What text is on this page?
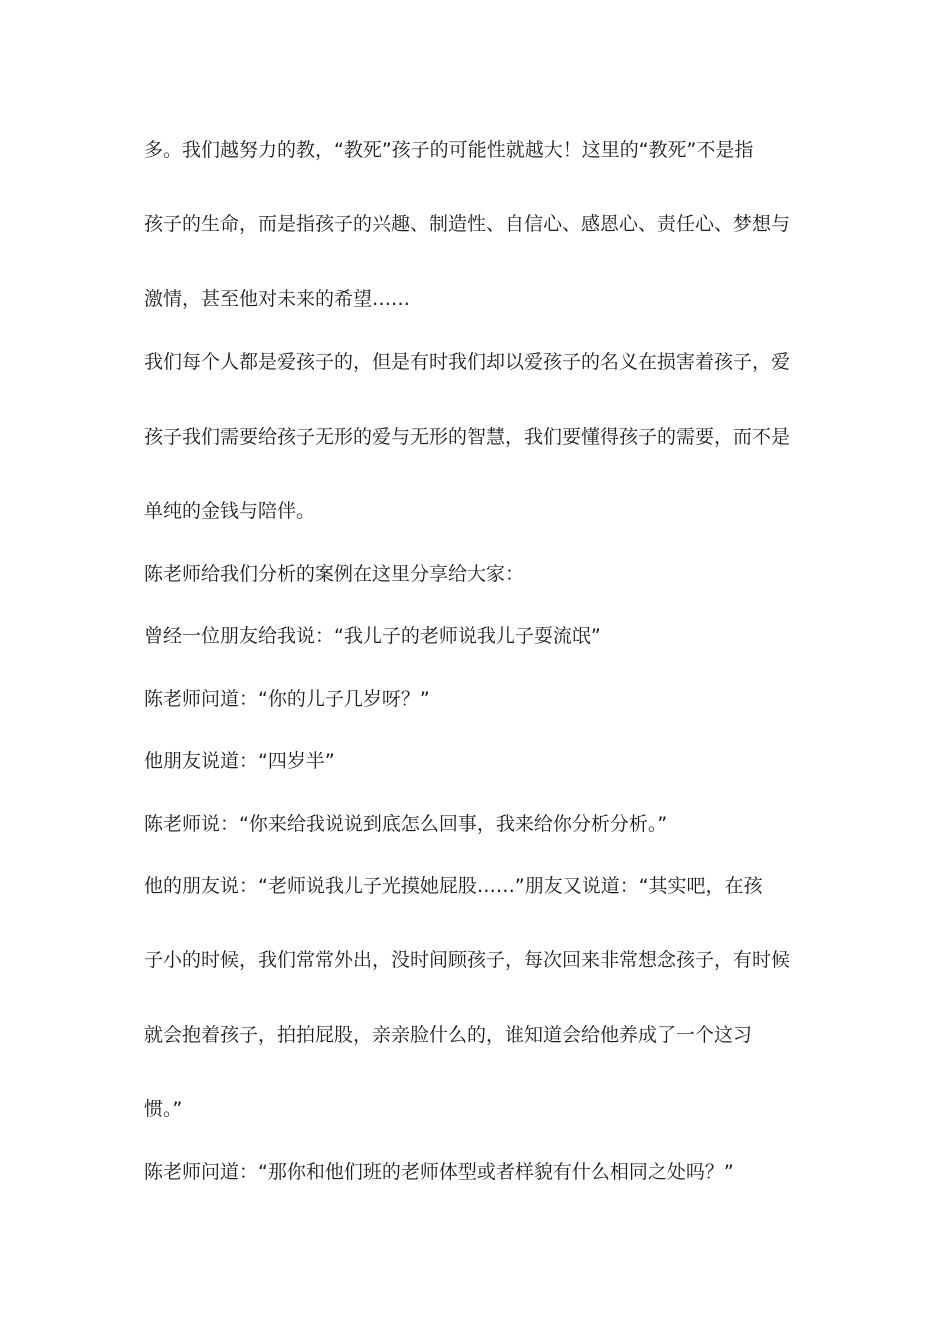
多。我们越努力的教，“教死”孩子的可能性就越大！这里的“教死”不是指
孩子的生命，而是指孩子的兴趣、制造性、自信心、感恩心、责任心、梦想与
激情，甚至他对未来的希望……
我们每个人都是爱孩子的，但是有时我们却以爱孩子的名义在损害着孩子，爱
孩子我们需要给孩子无形的爱与无形的智慧，我们要懂得孩子的需要，而不是
单纯的金钱与陪伴。
陈老师给我们分析的案例在这里分享给大家：
曾经一位朋友给我说：“我儿子的老师说我儿子耍流氓”
陈老师问道：“你的儿子几岁呀？”
他朋友说道：“四岁半”
陈老师说：“你来给我说说到底怎么回事，我来给你分析分析。”
他的朋友说：“老师说我儿子光摸她屁股……”朋友又说道：“其实吧，在孩
子小的时候，我们常常外出，没时间顾孩子，每次回来非常想念孩子，有时候
就会抱着孩子，拍拍屁股，亲亲脸什么的，谁知道会给他养成了一个这习
惯。”
陈老师问道：“那你和他们班的老师体型或者样貌有什么相同之处吗？”
